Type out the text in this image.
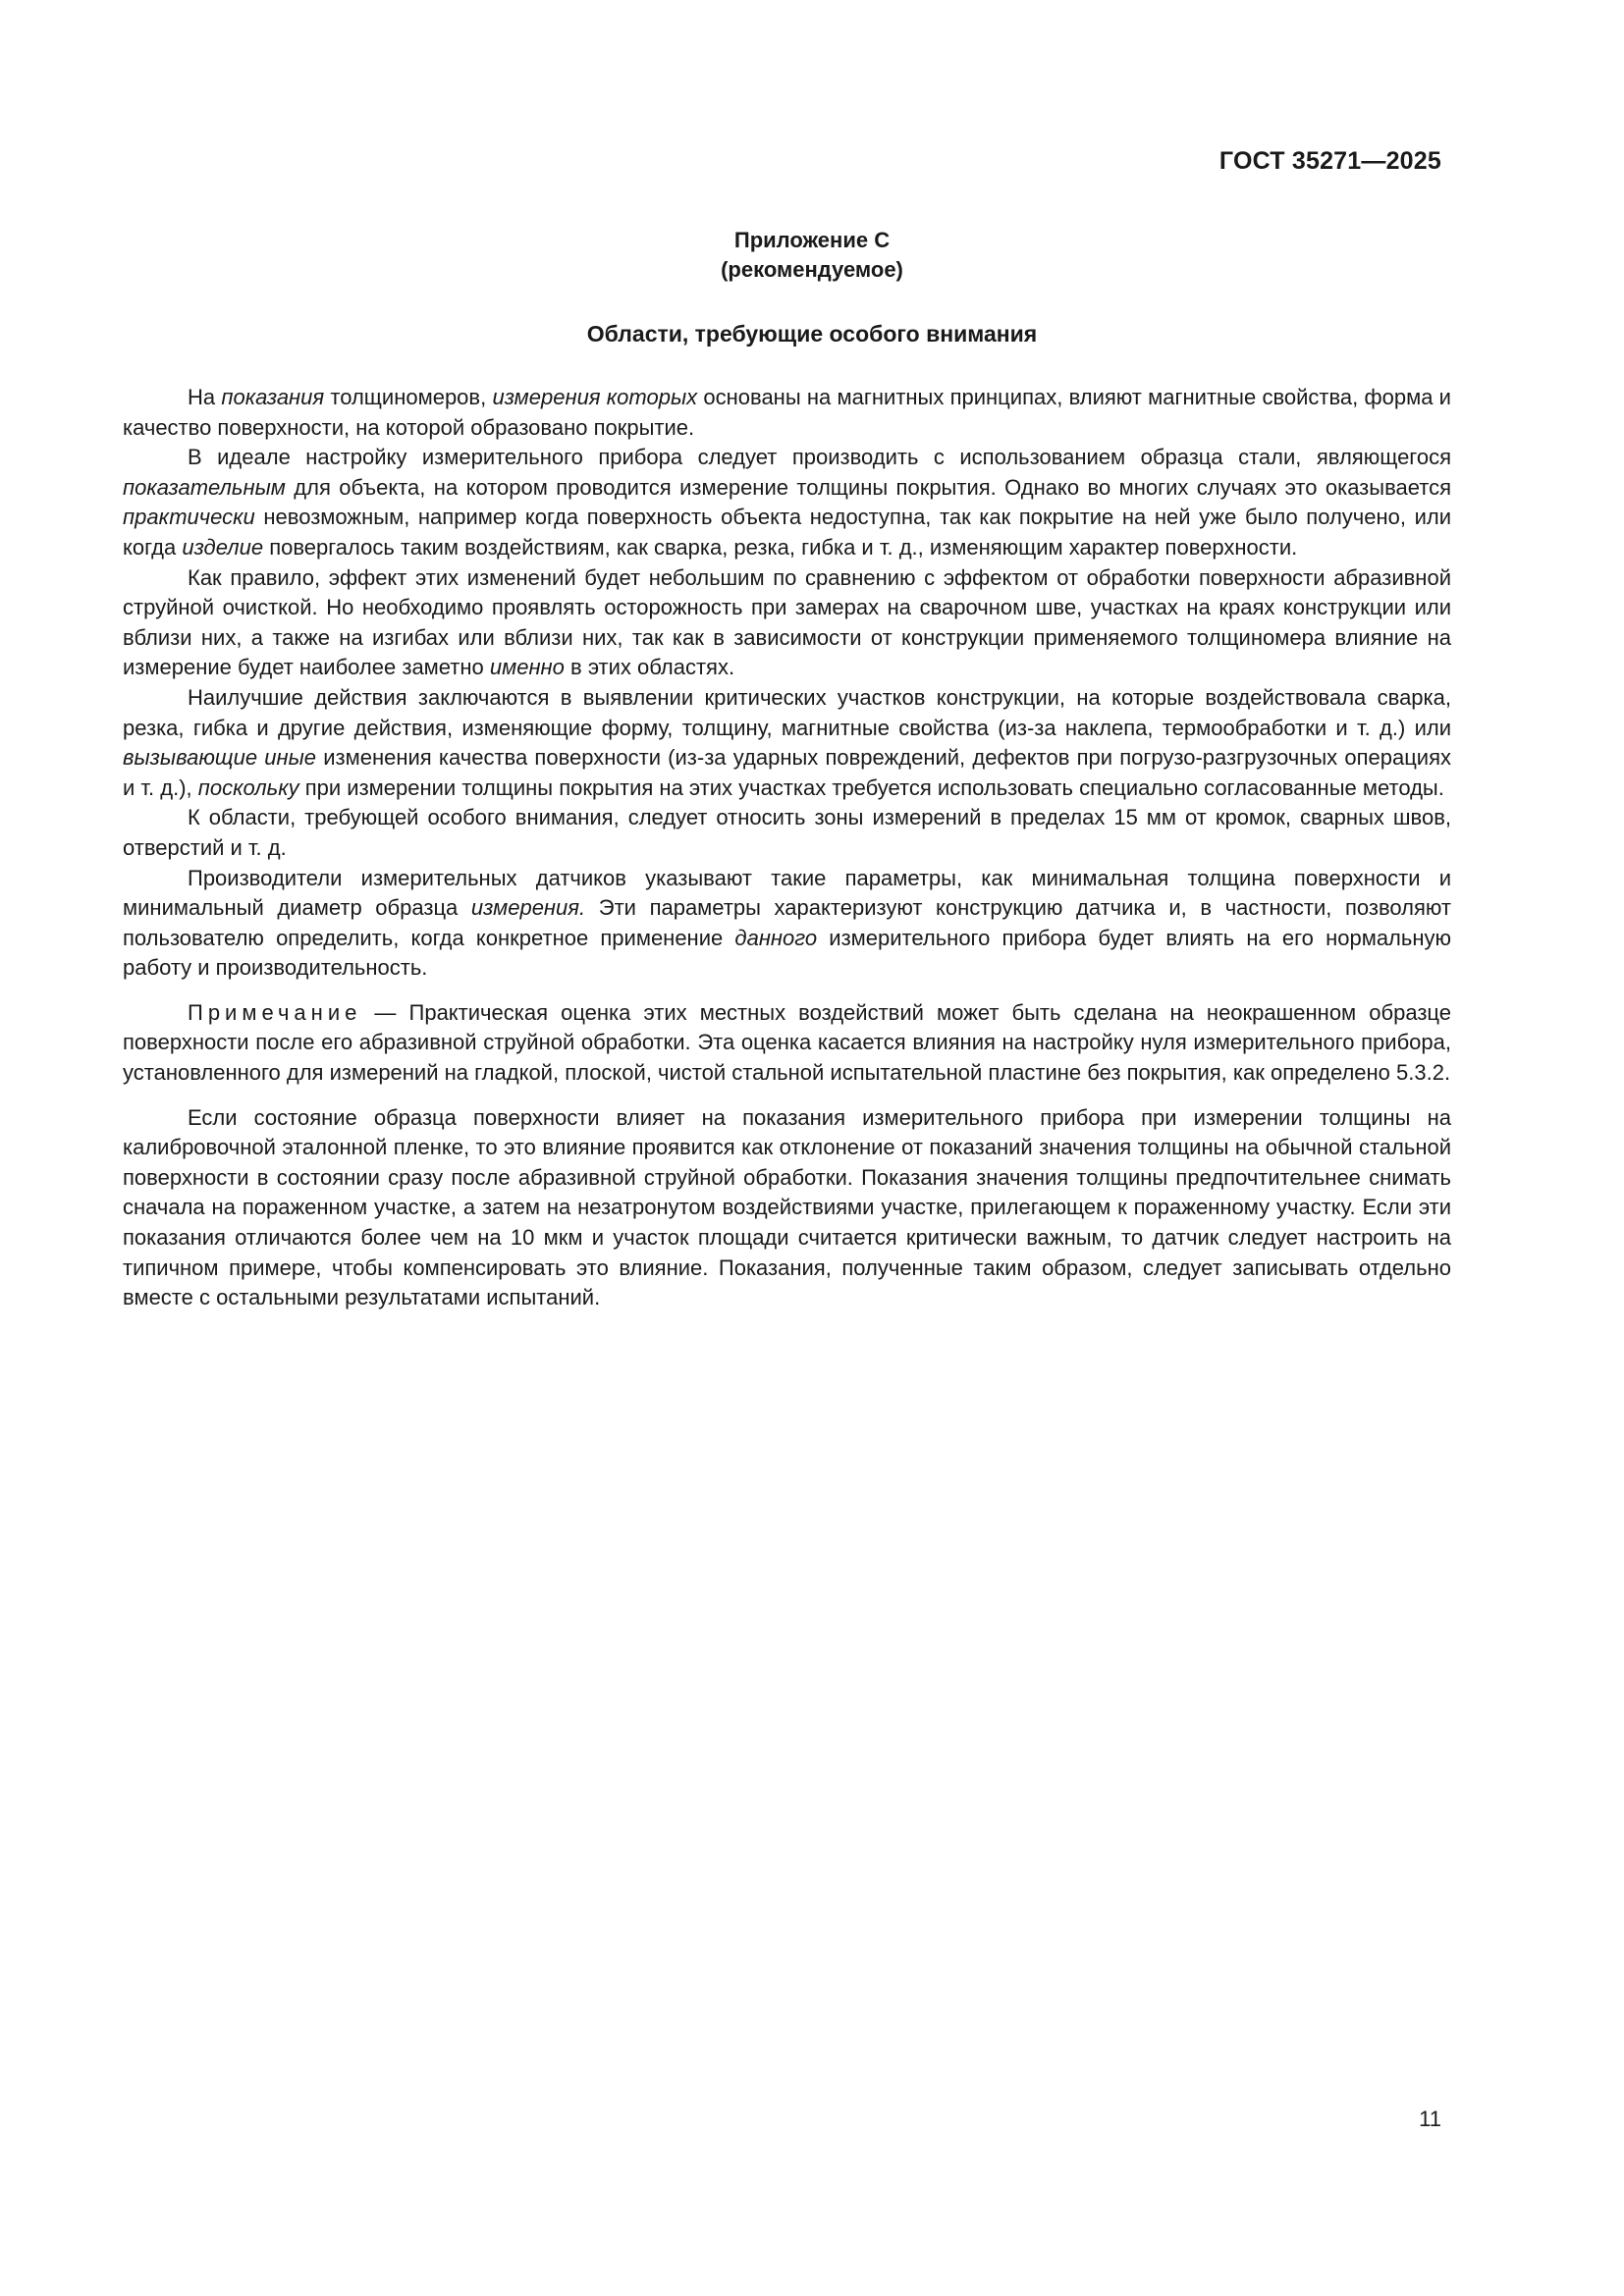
ГОСТ 35271—2025
Приложение C
(рекомендуемое)
Области, требующие особого внимания

На показания толщиномеров, измерения которых основаны на магнитных принципах, влияют магнитные свойства, форма и качество поверхности, на которой образовано покрытие.

В идеале настройку измерительного прибора следует производить с использованием образца стали, являющегося показательным для объекта, на котором проводится измерение толщины покрытия. Однако во многих случаях это оказывается практически невозможным, например когда поверхность объекта недоступна, так как покрытие на ней уже было получено, или когда изделие повергалось таким воздействиям, как сварка, резка, гибка и т. д., изменяющим характер поверхности.

Как правило, эффект этих изменений будет небольшим по сравнению с эффектом от обработки поверхности абразивной струйной очисткой. Но необходимо проявлять осторожность при замерах на сварочном шве, участках на краях конструкции или вблизи них, а также на изгибах или вблизи них, так как в зависимости от конструкции применяемого толщиномера влияние на измерение будет наиболее заметно именно в этих областях.

Наилучшие действия заключаются в выявлении критических участков конструкции, на которые воздействовала сварка, резка, гибка и другие действия, изменяющие форму, толщину, магнитные свойства (из-за наклепа, термообработки и т. д.) или вызывающие иные изменения качества поверхности (из-за ударных повреждений, дефектов при погрузо-разгрузочных операциях и т. д.), поскольку при измерении толщины покрытия на этих участках требуется использовать специально согласованные методы.

К области, требующей особого внимания, следует относить зоны измерений в пределах 15 мм от кромок, сварных швов, отверстий и т. д.

Производители измерительных датчиков указывают такие параметры, как минимальная толщина поверхности и минимальный диаметр образца измерения. Эти параметры характеризуют конструкцию датчика и, в частности, позволяют пользователю определить, когда конкретное применение данного измерительного прибора будет влиять на его нормальную работу и производительность.

Примечание — Практическая оценка этих местных воздействий может быть сделана на неокрашенном образце поверхности после его абразивной струйной обработки. Эта оценка касается влияния на настройку нуля измерительного прибора, установленного для измерений на гладкой, плоской, чистой стальной испытательной пластине без покрытия, как определено 5.3.2.

Если состояние образца поверхности влияет на показания измерительного прибора при измерении толщины на калибровочной эталонной пленке, то это влияние проявится как отклонение от показаний значения толщины на обычной стальной поверхности в состоянии сразу после абразивной струйной обработки. Показания значения толщины предпочтительнее снимать сначала на пораженном участке, а затем на незатронутом воздействиями участке, прилегающем к пораженному участку. Если эти показания отличаются более чем на 10 мкм и участок площади считается критически важным, то датчик следует настроить на типичном примере, чтобы компенсировать это влияние. Показания, полученные таким образом, следует записывать отдельно вместе с остальными результатами испытаний.

11
